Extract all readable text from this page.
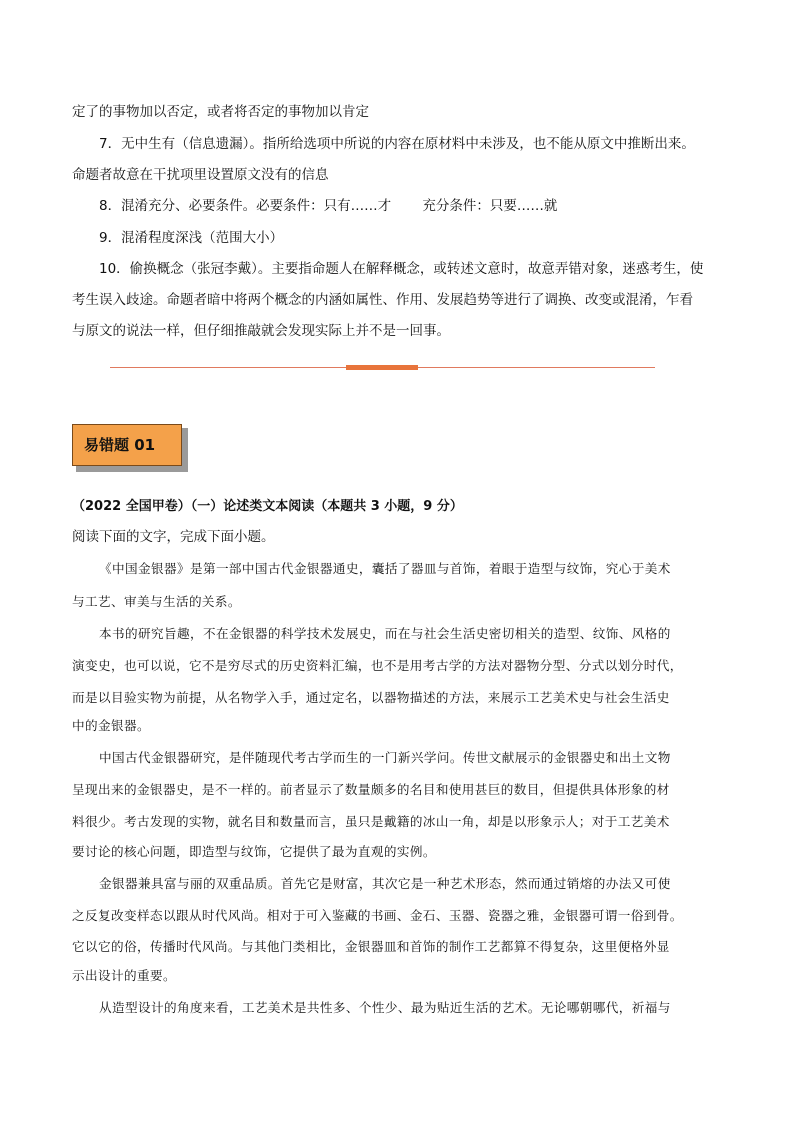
定了的事物加以否定，或者将否定的事物加以肯定
7．无中生有（信息遗漏）。指所给选项中所说的内容在原材料中未涉及，也不能从原文中推断出来。
命题者故意在干扰项里设置原文没有的信息
8．混淆充分、必要条件。必要条件：只有……才　　 充分条件：只要……就
9．混淆程度深浅（范围大小）
10．偷换概念（张冠李戴）。主要指命题人在解释概念，或转述文意时，故意弄错对象，迷惑考生，使
考生误入歧途。命题者暗中将两个概念的内涵如属性、作用、发展趋势等进行了调换、改变或混淆，乍看
与原文的说法一样，但仔细推敲就会发现实际上并不是一回事。
易错题 01
（2022 全国甲卷）（一）论述类文本阅读（本题共 3 小题，9 分）
阅读下面的文字，完成下面小题。
《中国金银器》是第一部中国古代金银器通史，囊括了器皿与首饰，着眼于造型与纹饰，究心于美术
与工艺、审美与生活的关系。
本书的研究旨趣，不在金银器的科学技术发展史，而在与社会生活史密切相关的造型、纹饰、风格的
演变史，也可以说，它不是穷尽式的历史资料汇编，也不是用考古学的方法对器物分型、分式以划分时代，
而是以目验实物为前提，从名物学入手，通过定名，以器物描述的方法，来展示工艺美术史与社会生活史
中的金银器。
中国古代金银器研究，是伴随现代考古学而生的一门新兴学问。传世文献展示的金银器史和出土文物
呈现出来的金银器史，是不一样的。前者显示了数量颇多的名目和使用甚巨的数目，但提供具体形象的材
料很少。考古发现的实物，就名目和数量而言，虽只是戴籍的冰山一角，却是以形象示人；对于工艺美术
要讨论的核心问题，即造型与纹饰，它提供了最为直观的实例。
金银器兼具富与丽的双重品质。首先它是财富，其次它是一种艺术形态，然而通过销熔的办法又可使
之反复改变样态以跟从时代风尚。相对于可入鉴藏的书画、金石、玉器、瓷器之雅，金银器可谓一俗到骨。
它以它的俗，传播时代风尚。与其他门类相比，金银器皿和首饰的制作工艺都算不得复杂，这里便格外显
示出设计的重要。
从造型设计的角度来看，工艺美术是共性多、个性少、最为贴近生活的艺术。无论哪朝哪代，祈福与
